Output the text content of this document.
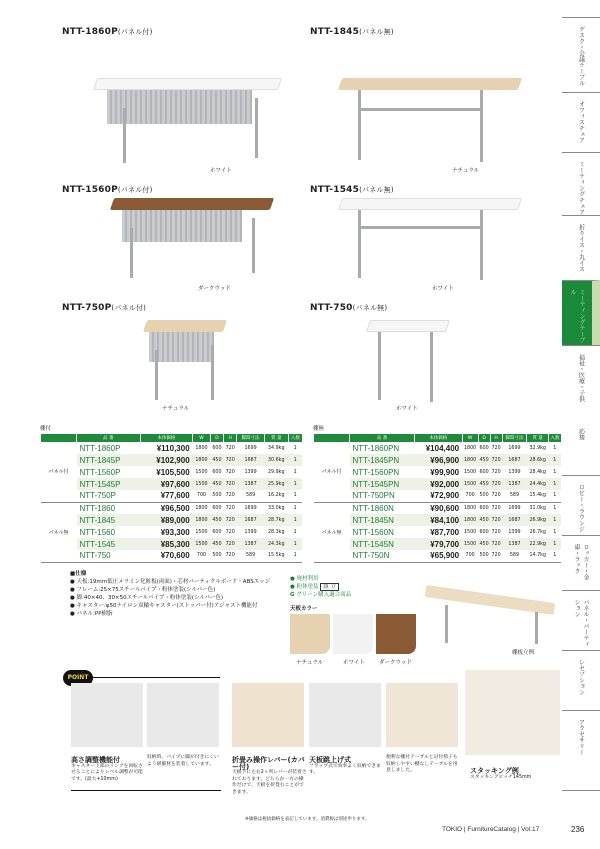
NTT-1860P(パネル付)	NTT-1845(パネル無)
NTT-1560P(パネル付)	NTT-1545(パネル無)
NTT-750P(パネル付)	NTT-750(パネル無)
ホワイト	ナチュラル
ダークウッド	ホワイト
ナチュラル	ホワイト
棚付
	品 番	本体価格	W	D	H	脚間寸法	質 量	入数
パネル付	NTT-1860P	¥110,300	1800	600	720	1699	34.9kg	1
	NTT-1845P	¥102,900	1800	450	720	1687	30.6kg	1
	NTT-1560P	¥105,500	1500	600	720	1399	29.9kg	1
	NTT-1545P	¥97,600	1500	450	720	1387	25.9kg	1
	NTT-750P	¥77,600	700	500	720	589	16.2kg	1
パネル無	NTT-1860	¥96,500	1800	600	720	1699	33.0kg	1
	NTT-1845	¥89,000	1800	450	720	1687	28.7kg	1
	NTT-1560	¥93,300	1500	600	720	1399	28.3kg	1
	NTT-1545	¥85,300	1500	450	720	1387	24.3kg	1
	NTT-750	¥70,600	700	500	720	589	15.5kg	1
棚無
	品 番	本体価格	W	D	H	脚間寸法	質 量	入数
パネル付	NTT-1860PN	¥104,400	1800	600	720	1699	32.9kg	1
	NTT-1845PN	¥96,900	1800	450	720	1687	28.6kg	1
	NTT-1560PN	¥99,900	1500	600	720	1399	28.4kg	1
	NTT-1545PN	¥92,000	1500	450	720	1387	24.4kg	1
	NTT-750PN	¥72,900	700	500	720	589	15.4kg	1
パネル無	NTT-1860N	¥90,600	1800	600	720	1699	31.0kg	1
	NTT-1845N	¥84,100	1800	450	720	1687	26.9kg	1
	NTT-1560N	¥87,700	1500	600	720	1399	26.7kg	1
	NTT-1545N	¥79,700	1500	450	720	1387	22.9kg	1
	NTT-750N	¥65,900	700	500	720	589	14.7kg	1
■仕様
● 天板:19mm低圧メラミン化粧板(両面)・芯材パーティクルボード・ABSエッジ
● フレーム:25×75スチールパイプ・粉体塗装(シルバー色)
● 脚:40×40、30×50スチールパイプ・粉体塗装(シルバー色)
● キャスター:φ50ナイロン双輪キャスター(ストッパー付)アジャスト機能付
● パネル:PP樹脂
● 廃材利用
● 粉体塗装 組 立
G グリーン購入適合商品
天板カラー
ナチュラル	ホワイト	ダークウッド
棚板立例
POINT
高さ調整機能付
キャスター上部のリングを回転させることによりレベル調整が可能です。(最大+10mm)
収納時、パイプに脚が付きにくいよう緩衝材を装着しています。	折畳み操作レバー(カバー付)
天板下に左右2ヶ所レバーが装着されております。どちらか一方の操作だけで、天板を折畳むことができます。
天板跳上げ式
フラップ式で効率よく収納できます。
便利な棚付テーブルと討付椅子も収納しやすい棚なしテーブルを用意しました。	スタッキング例
スタッキングピッチ145mm
※価格は税抜価格を表記しています。消費税は別途申ります。
TOKIO | FurnitureCatalog | Vol.17	236
デスク・会議テーブル
オフィスチェア
ミーティングチェア
折りイス・丸イス
ミーティングテーブル
福祉・医療・子供
応接
ロビー・ラウンジ
ロッカー・金庫・ラック
パネル・パーティション
レセプション
アクセサリー
